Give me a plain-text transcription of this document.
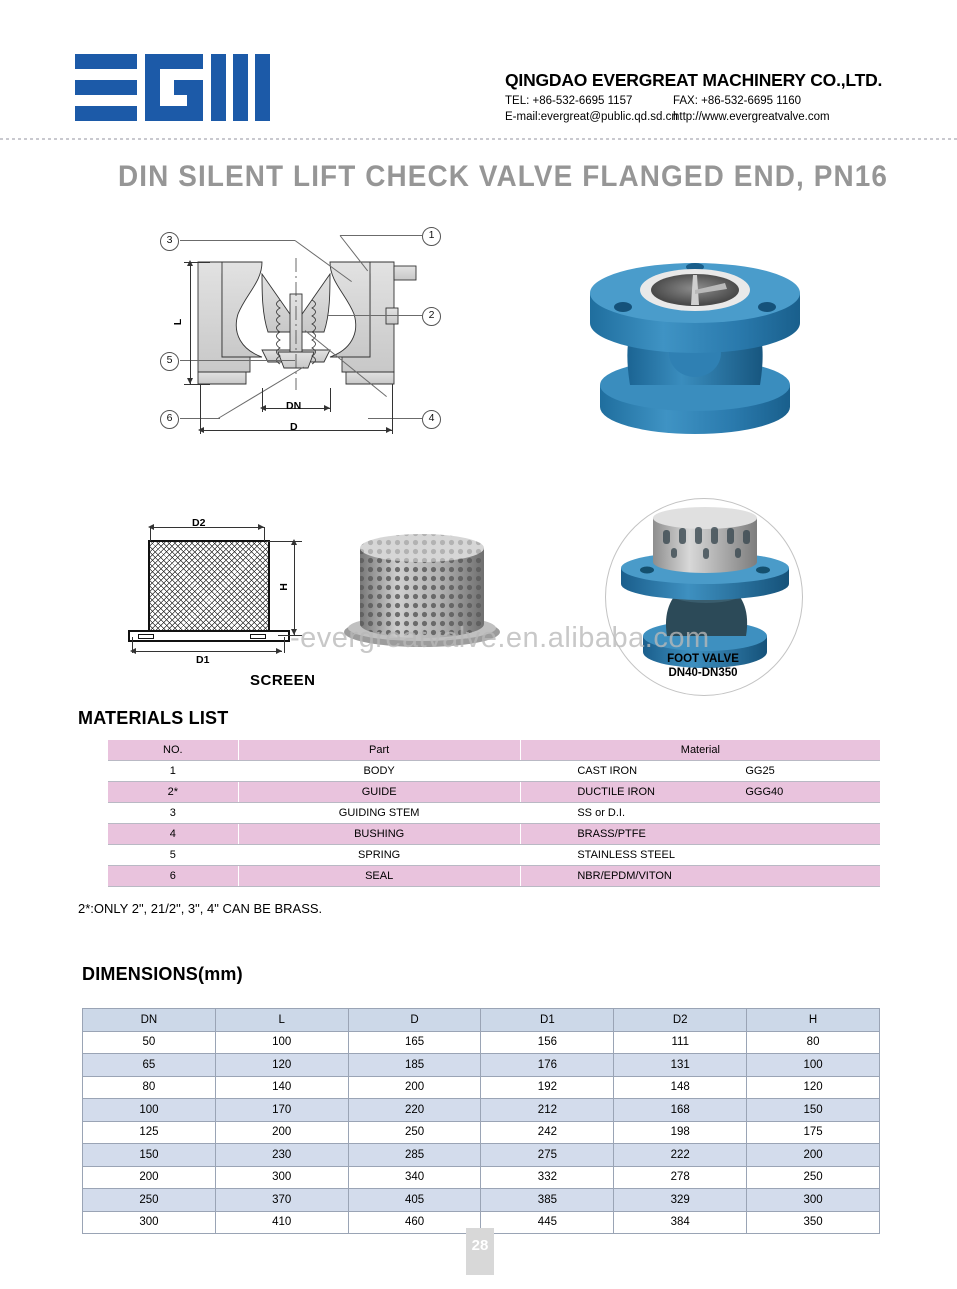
QINGDAO EVERGREAT MACHINERY CO.,LTD.
TEL: +86-532-6695 1157	FAX: +86-532-6695 1160
E-mail:evergreat@public.qd.sd.cn
http://www.evergreatvalve.com
DIN SILENT LIFT CHECK VALVE FLANGED END, PN16
3	1
2
5
6	4
L
DN
D
D2
H
D1
SCREEN
FOOT VALVE
DN40-DN350
-evergreatvalve.en.alibaba.com
MATERIALS LIST
NO.	Part	Material
1	BODY	CAST IRON GG25
2*	GUIDE	DUCTILE IRON GGG40
3	GUIDING STEM	SS or D.I.
4	BUSHING	BRASS/PTFE
5	SPRING	STAINLESS STEEL
6	SEAL	NBR/EPDM/VITON
2*:ONLY 2", 21/2", 3", 4" CAN BE BRASS.
DIMENSIONS(mm)
DN	L	D	D1	D2	H
50	100	165	156	111	80
65	120	185	176	131	100
80	140	200	192	148	120
100	170	220	212	168	150
125	200	250	242	198	175
150	230	285	275	222	200
200	300	340	332	278	250
250	370	405	385	329	300
300	410	460	445	384	350
28
